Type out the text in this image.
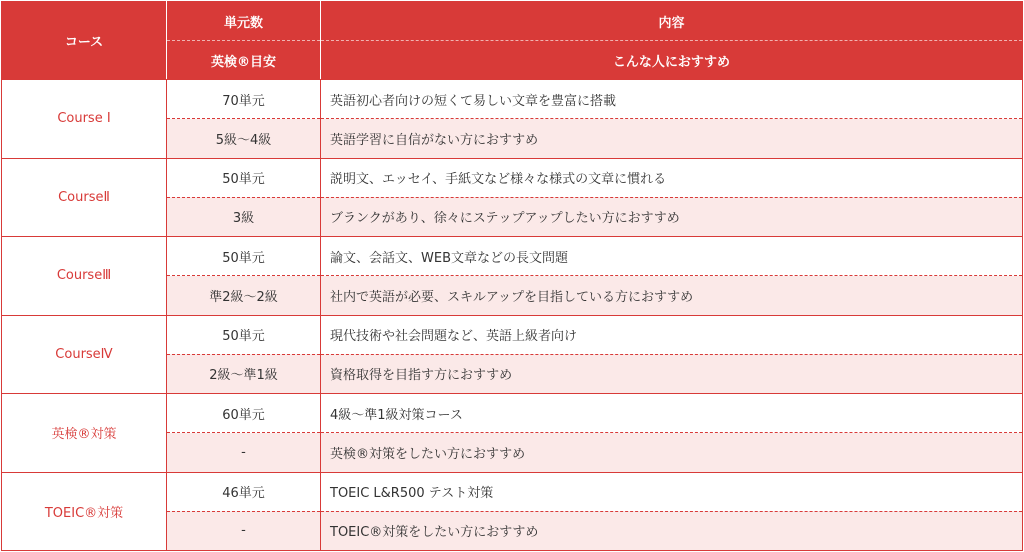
コース	単元数	内容
	英検®目安	こんな人におすすめ
Course Ⅰ	70単元	英語初心者向けの短くて易しい文章を豊富に搭載
	5級～4級	英語学習に自信がない方におすすめ
CourseⅡ	50単元	説明文、エッセイ、手紙文など様々な様式の文章に慣れる
	3級	ブランクがあり、徐々にステップアップしたい方におすすめ
CourseⅢ	50単元	論文、会話文、WEB文章などの長文問題
	準2級～2級	社内で英語が必要、スキルアップを目指している方におすすめ
CourseⅣ	50単元	現代技術や社会問題など、英語上級者向け
	2級～準1級	資格取得を目指す方におすすめ
英検®対策	60単元	4級～準1級対策コース
	-	英検®対策をしたい方におすすめ
TOEIC®対策	46単元	TOEIC L&R500 テスト対策
	-	TOEIC®対策をしたい方におすすめ
